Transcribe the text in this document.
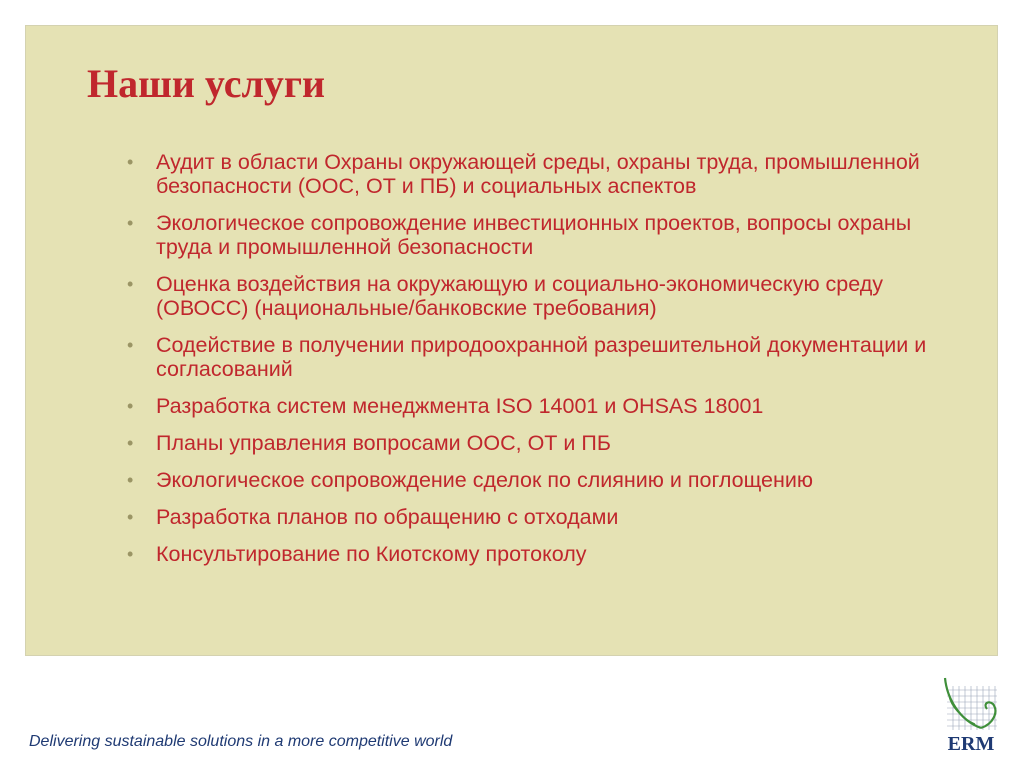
Наши услуги
• Аудит в области Охраны окружающей среды, охраны труда, промышленной безопасности (ООС, ОТ и ПБ) и социальных аспектов
• Экологическое сопровождение инвестиционных проектов, вопросы охраны труда и промышленной безопасности
• Оценка воздействия на окружающую и социально-экономическую среду (ОВОСС) (национальные/банковские требования)
• Содействие в получении природоохранной разрешительной документации и согласований
• Разработка систем менеджмента ISO 14001 и OHSAS 18001
• Планы управления вопросами ООС, ОТ и ПБ
• Экологическое сопровождение сделок по слиянию и поглощению
• Разработка планов по обращению с отходами
• Консультирование по Киотскому протоколу
Delivering sustainable solutions in a more competitive world	ERM
